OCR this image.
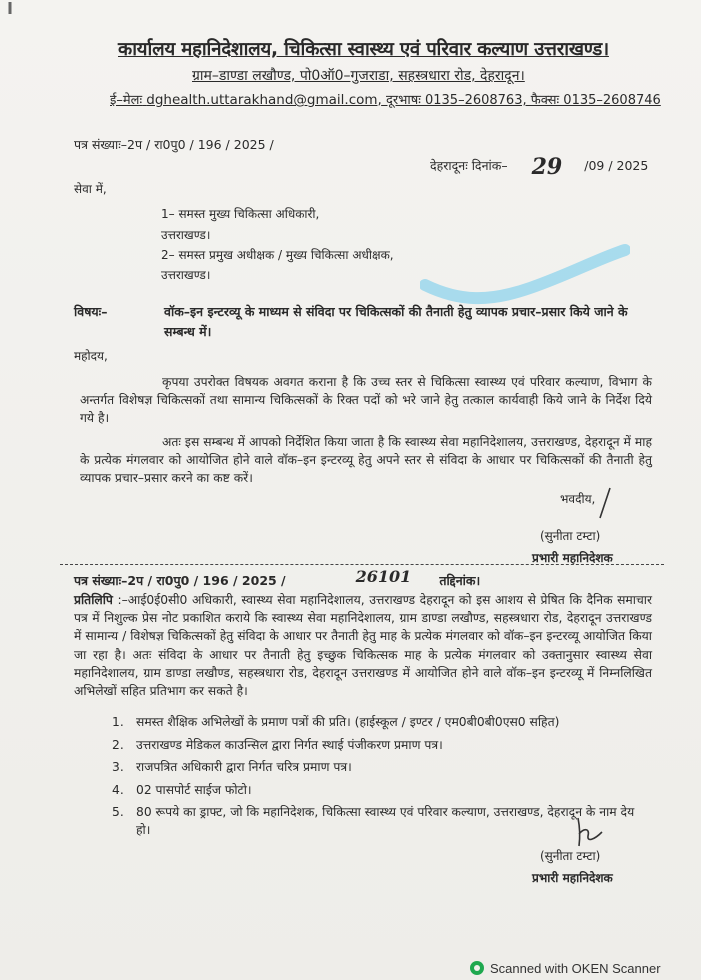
कार्यालय महानिदेशालय, चिकित्सा स्वास्थ्य एवं परिवार कल्याण उत्तराखण्ड।
ग्राम–डाण्डा लखौण्ड, पो0ऑ0–गुजराडा, सहस्त्रधारा रोड, देहरादून।
ई–मेलः dghealth.uttarakhand@gmail.com, दूरभाषः 0135–2608763, फैक्सः 0135–2608746
पत्र संख्याः–2प / रा0पु0 / 196 / 2025 /
देहरादूनः दिनांक– 29 /09 / 2025
सेवा में,
1– समस्त मुख्य चिकित्सा अधिकारी,
उत्तराखण्ड।
2– समस्त प्रमुख अधीक्षक / मुख्य चिकित्सा अधीक्षक,
उत्तराखण्ड।
विषयः–	वॉक–इन इन्टरव्यू के माध्यम से संविदा पर चिकित्सकों की तैनाती हेतु व्यापक प्रचार–प्रसार किये जाने के सम्बन्ध में।
महोदय,
कृपया उपरोक्त विषयक अवगत कराना है कि उच्च स्तर से चिकित्सा स्वास्थ्य एवं परिवार कल्याण, विभाग के अन्तर्गत विशेषज्ञ चिकित्सकों तथा सामान्य चिकित्सकों के रिक्त पदों को भरे जाने हेतु तत्काल कार्यवाही किये जाने के निर्देश दिये गये है।
अतः इस सम्बन्ध में आपको निर्देशित किया जाता है कि स्वास्थ्य सेवा महानिदेशालय, उत्तराखण्ड, देहरादून में माह के प्रत्येक मंगलवार को आयोजित होने वाले वॉक–इन इन्टरव्यू हेतु अपने स्तर से संविदा के आधार पर चिकित्सकों की तैनाती हेतु व्यापक प्रचार–प्रसार करने का कष्ट करें।
भवदीय,
(सुनीता टम्टा)
प्रभारी महानिदेशक
पत्र संख्याः–2प / रा0पु0 / 196 / 2025 /	26101 तद्दिनांक।
प्रतिलिपि :–आई0ई0सी0 अधिकारी, स्वास्थ्य सेवा महानिदेशालय, उत्तराखण्ड देहरादून को इस आशय से प्रेषित कि दैनिक समाचार पत्र में निशुल्क प्रेस नोट प्रकाशित कराये कि स्वास्थ्य सेवा महानिदेशालय, ग्राम डाण्डा लखौण्ड, सहस्त्रधारा रोड, देहरादून उत्तराखण्ड में सामान्य / विशेषज्ञ चिकित्सकों हेतु संविदा के आधार पर तैनाती हेतु माह के प्रत्येक मंगलवार को वॉक–इन इन्टरव्यू आयोजित किया जा रहा है। अतः संविदा के आधार पर तैनाती हेतु इच्छुक चिकित्सक माह के प्रत्येक मंगलवार को उक्तानुसार स्वास्थ्य सेवा महानिदेशालय, ग्राम डाण्डा लखौण्ड, सहस्त्रधारा रोड, देहरादून उत्तराखण्ड में आयोजित होने वाले वॉक–इन इन्टरव्यू में निम्नलिखित अभिलेखों सहित प्रतिभाग कर सकते है।
1. समस्त शैक्षिक अभिलेखों के प्रमाण पत्रों की प्रति। (हाईस्कूल / इण्टर / एम0बी0बी0एस0 सहित)
2. उत्तराखण्ड मेडिकल काउन्सिल द्वारा निर्गत स्थाई पंजीकरण प्रमाण पत्र।
3. राजपत्रित अधिकारी द्वारा निर्गत चरित्र प्रमाण पत्र।
4. 02 पासपोर्ट साईज फोटो।
5. 80 रूपये का ड्राफ्ट, जो कि महानिदेशक, चिकित्सा स्वास्थ्य एवं परिवार कल्याण, उत्तराखण्ड, देहरादून के नाम देय हो।
(सुनीता टम्टा)
प्रभारी महानिदेशक
Scanned with OKEN Scanner
